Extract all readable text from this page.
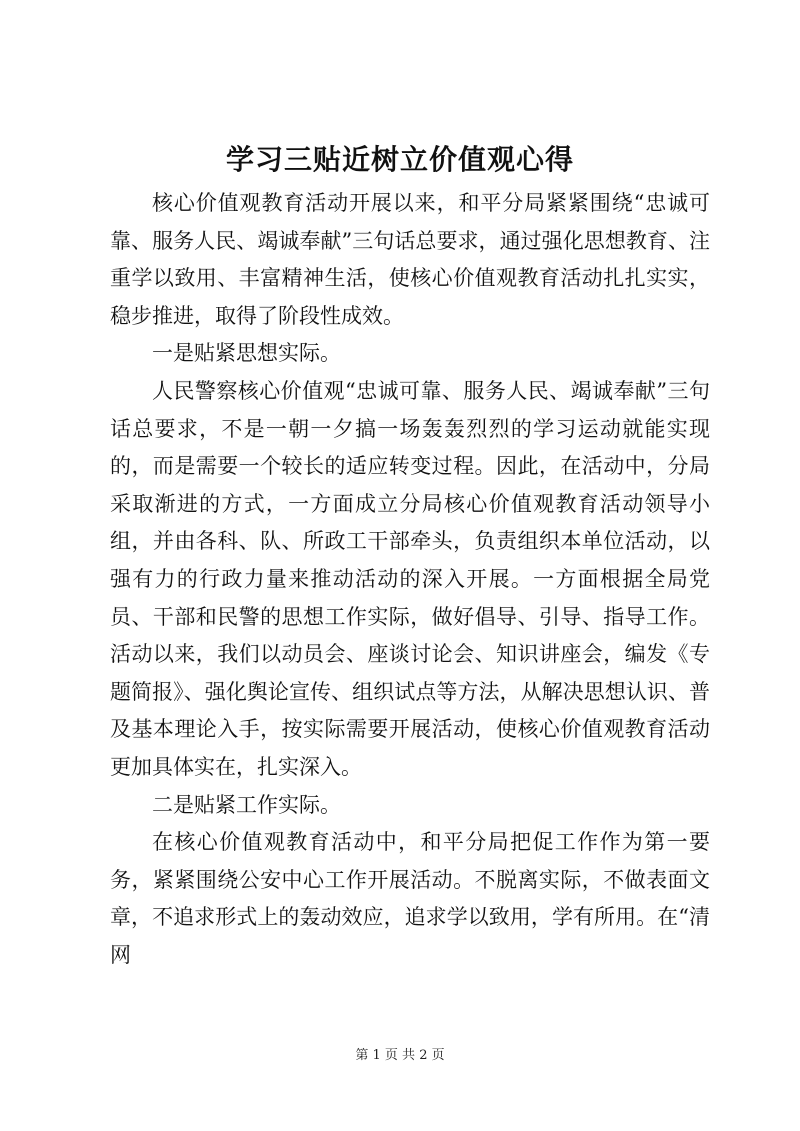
学习三贴近树立价值观心得

核心价值观教育活动开展以来，和平分局紧紧围绕“忠诚可靠、服务人民、竭诚奉献”三句话总要求，通过强化思想教育、注重学以致用、丰富精神生活，使核心价值观教育活动扎扎实实，稳步推进，取得了阶段性成效。

一是贴紧思想实际。

人民警察核心价值观“忠诚可靠、服务人民、竭诚奉献”三句话总要求，不是一朝一夕搞一场轰轰烈烈的学习运动就能实现的，而是需要一个较长的适应转变过程。因此，在活动中，分局采取渐进的方式，一方面成立分局核心价值观教育活动领导小组，并由各科、队、所政工干部牵头，负责组织本单位活动，以强有力的行政力量来推动活动的深入开展。一方面根据全局党员、干部和民警的思想工作实际，做好倡导、引导、指导工作。活动以来，我们以动员会、座谈讨论会、知识讲座会，编发《专题简报》、强化舆论宣传、组织试点等方法，从解决思想认识、普及基本理论入手，按实际需要开展活动，使核心价值观教育活动更加具体实在，扎实深入。

二是贴紧工作实际。

在核心价值观教育活动中，和平分局把促工作作为第一要务，紧紧围绕公安中心工作开展活动。不脱离实际，不做表面文章，不追求形式上的轰动效应，追求学以致用，学有所用。在“清网

第 1 页 共 2 页
